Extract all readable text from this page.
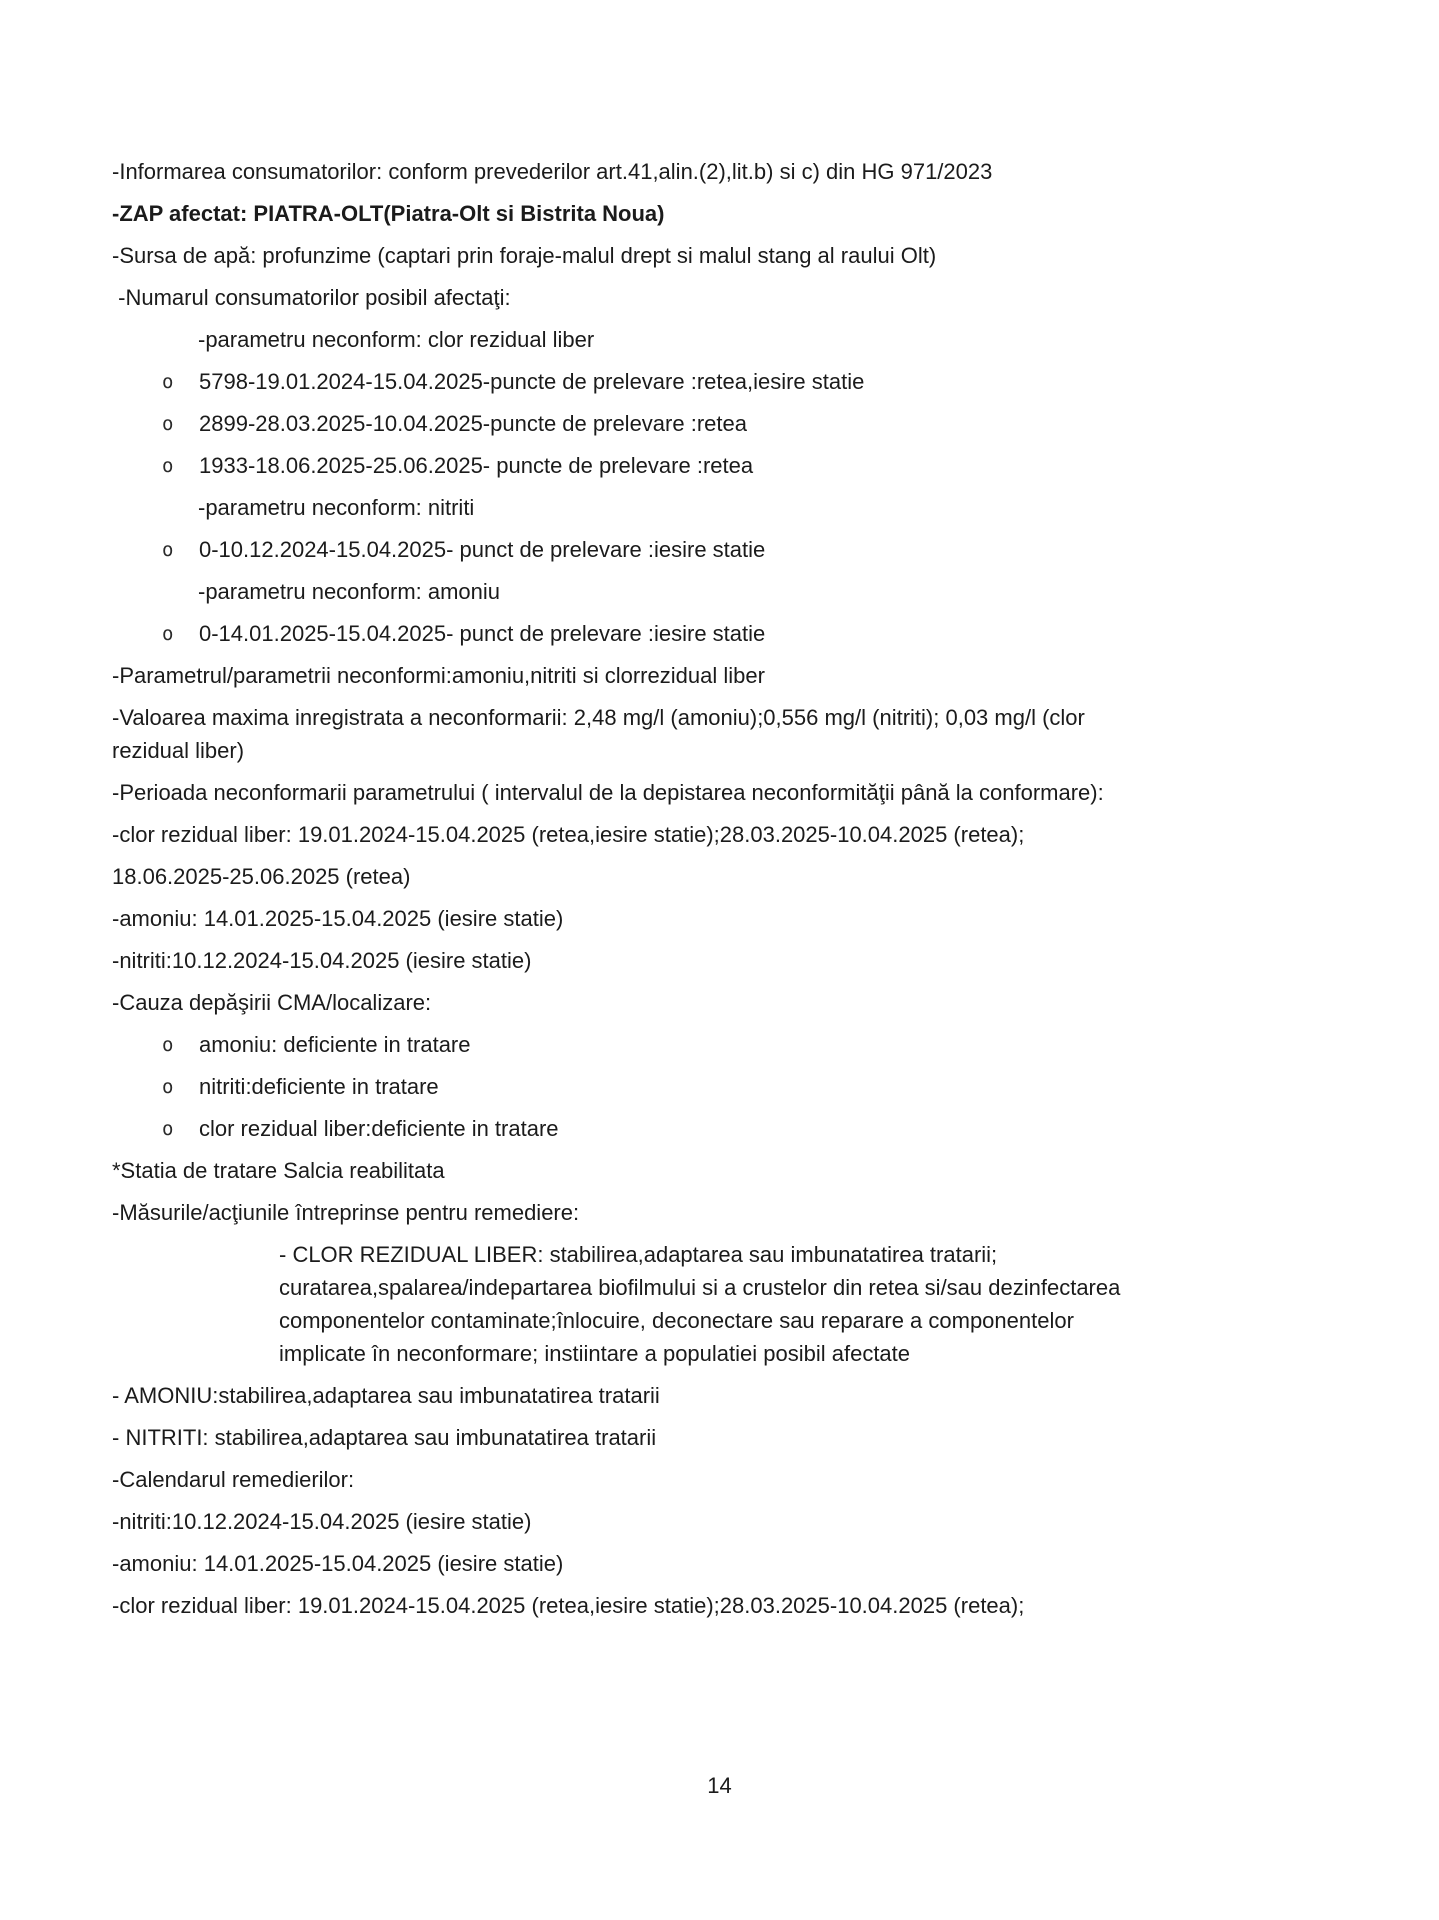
-Informarea consumatorilor: conform prevederilor art.41,alin.(2),lit.b) si c) din HG 971/2023

-ZAP afectat: PIATRA-OLT(Piatra-Olt si Bistrita Noua)

-Sursa de apă: profunzime (captari prin foraje-malul drept si malul stang al raului Olt)

-Numarul consumatorilor posibil afectaţi:

-parametru neconform: clor rezidual liber

o 5798-19.01.2024-15.04.2025-puncte de prelevare :retea,iesire statie

o 2899-28.03.2025-10.04.2025-puncte de prelevare :retea

o 1933-18.06.2025-25.06.2025- puncte de prelevare :retea

-parametru neconform: nitriti

o 0-10.12.2024-15.04.2025- punct de prelevare :iesire statie

-parametru neconform: amoniu

o 0-14.01.2025-15.04.2025- punct de prelevare :iesire statie

-Parametrul/parametrii neconformi:amoniu,nitriti si clorrezidual liber

-Valoarea maxima inregistrata a neconformarii: 2,48 mg/l (amoniu);0,556 mg/l (nitriti); 0,03 mg/l (clor
rezidual liber)

-Perioada neconformarii parametrului ( intervalul de la depistarea neconformităţii până la conformare):

-clor rezidual liber: 19.01.2024-15.04.2025 (retea,iesire statie);28.03.2025-10.04.2025 (retea);

18.06.2025-25.06.2025 (retea)

-amoniu: 14.01.2025-15.04.2025 (iesire statie)

-nitriti:10.12.2024-15.04.2025 (iesire statie)

-Cauza depăşirii CMA/localizare:

o amoniu: deficiente in tratare

o nitriti:deficiente in tratare

o clor rezidual liber:deficiente in tratare

*Statia de tratare Salcia reabilitata

-Măsurile/acţiunile întreprinse pentru remediere:

- CLOR REZIDUAL LIBER: stabilirea,adaptarea sau imbunatatirea tratarii;
curatarea,spalarea/indepartarea biofilmului si a crustelor din retea si/sau dezinfectarea
componentelor contaminate;înlocuire, deconectare sau reparare a componentelor
implicate în neconformare; instiintare a populatiei posibil afectate

- AMONIU:stabilirea,adaptarea sau imbunatatirea tratarii

- NITRITI: stabilirea,adaptarea sau imbunatatirea tratarii

-Calendarul remedierilor:

-nitriti:10.12.2024-15.04.2025 (iesire statie)

-amoniu: 14.01.2025-15.04.2025 (iesire statie)

-clor rezidual liber: 19.01.2024-15.04.2025 (retea,iesire statie);28.03.2025-10.04.2025 (retea);

14
